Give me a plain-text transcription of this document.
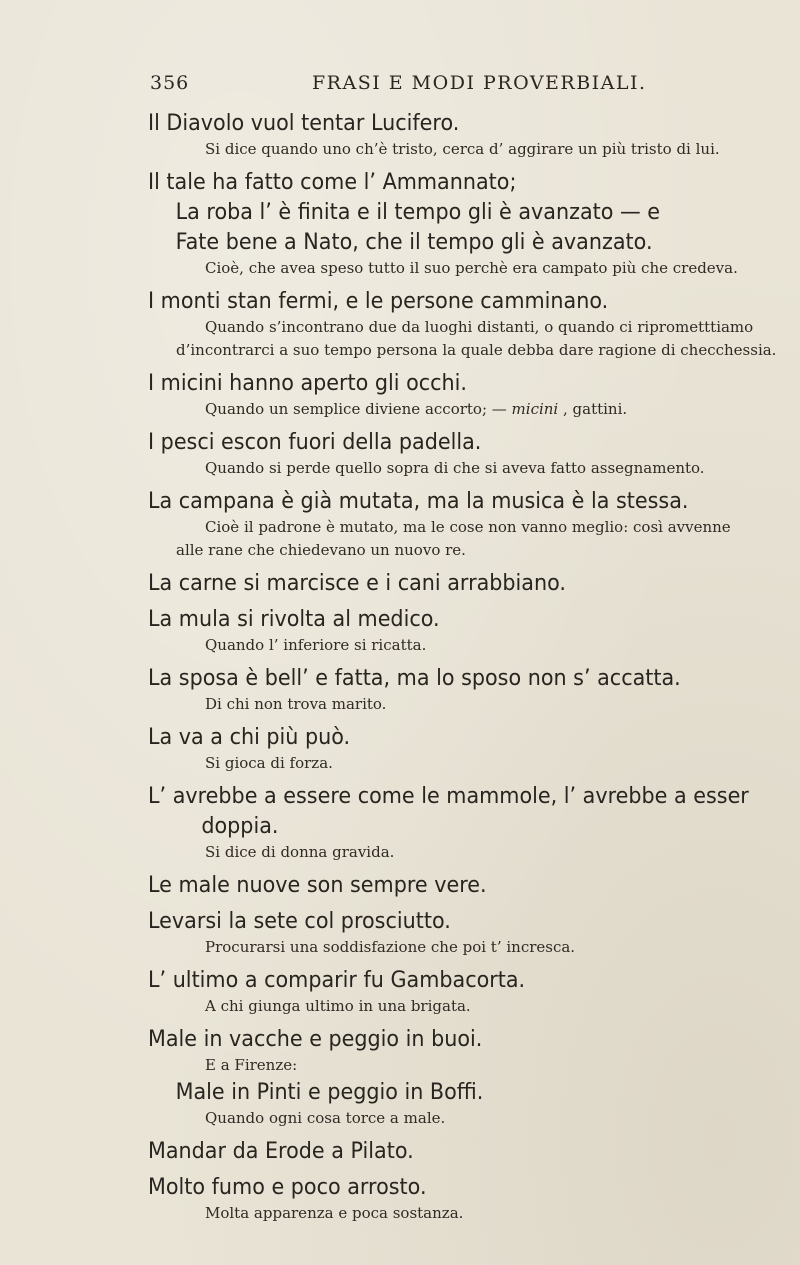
356	FRASI E MODI PROVERBIALI.
Il Diavolo vuol tentar Lucifero.
Si dice quando uno ch’è tristo, cerca d’ aggirare un più tristo di lui.
Il tale ha fatto come l’ Ammannato;
La roba l’ è finita e il tempo gli è avanzato — e
Fate bene a Nato, che il tempo gli è avanzato.
Cioè, che avea speso tutto il suo perchè era campato più che credeva.
I monti stan fermi, e le persone camminano.
Quando s’incontrano due da luoghi distanti, o quando ci riprometttiamo
d’incontrarci a suo tempo persona la quale debba dare ragione di checchessia.
I micini hanno aperto gli occhi.
Quando un semplice diviene accorto; — micini , gattini.
I pesci escon fuori della padella.
Quando si perde quello sopra di che si aveva fatto assegnamento.
La campana è già mutata, ma la musica è la stessa.
Cioè il padrone è mutato, ma le cose non vanno meglio: così avvenne
alle rane che chiedevano un nuovo re.
La carne si marcisce e i cani arrabbiano.
La mula si rivolta al medico.
Quando l’ inferiore si ricatta.
La sposa è bell’ e fatta, ma lo sposo non s’ accatta.
Di chi non trova marito.
La va a chi più può.
Si gioca di forza.
L’ avrebbe a essere come le mammole, l’ avrebbe a esser
doppia.
Si dice di donna gravida.
Le male nuove son sempre vere.
Levarsi la sete col prosciutto.
Procurarsi una soddisfazione che poi t’ incresca.
L’ ultimo a comparir fu Gambacorta.
A chi giunga ultimo in una brigata.
Male in vacche e peggio in buoi.
E a Firenze:
Male in Pinti e peggio in Boffi.
Quando ogni cosa torce a male.
Mandar da Erode a Pilato.
Molto fumo e poco arrosto.
Molta apparenza e poca sostanza.
